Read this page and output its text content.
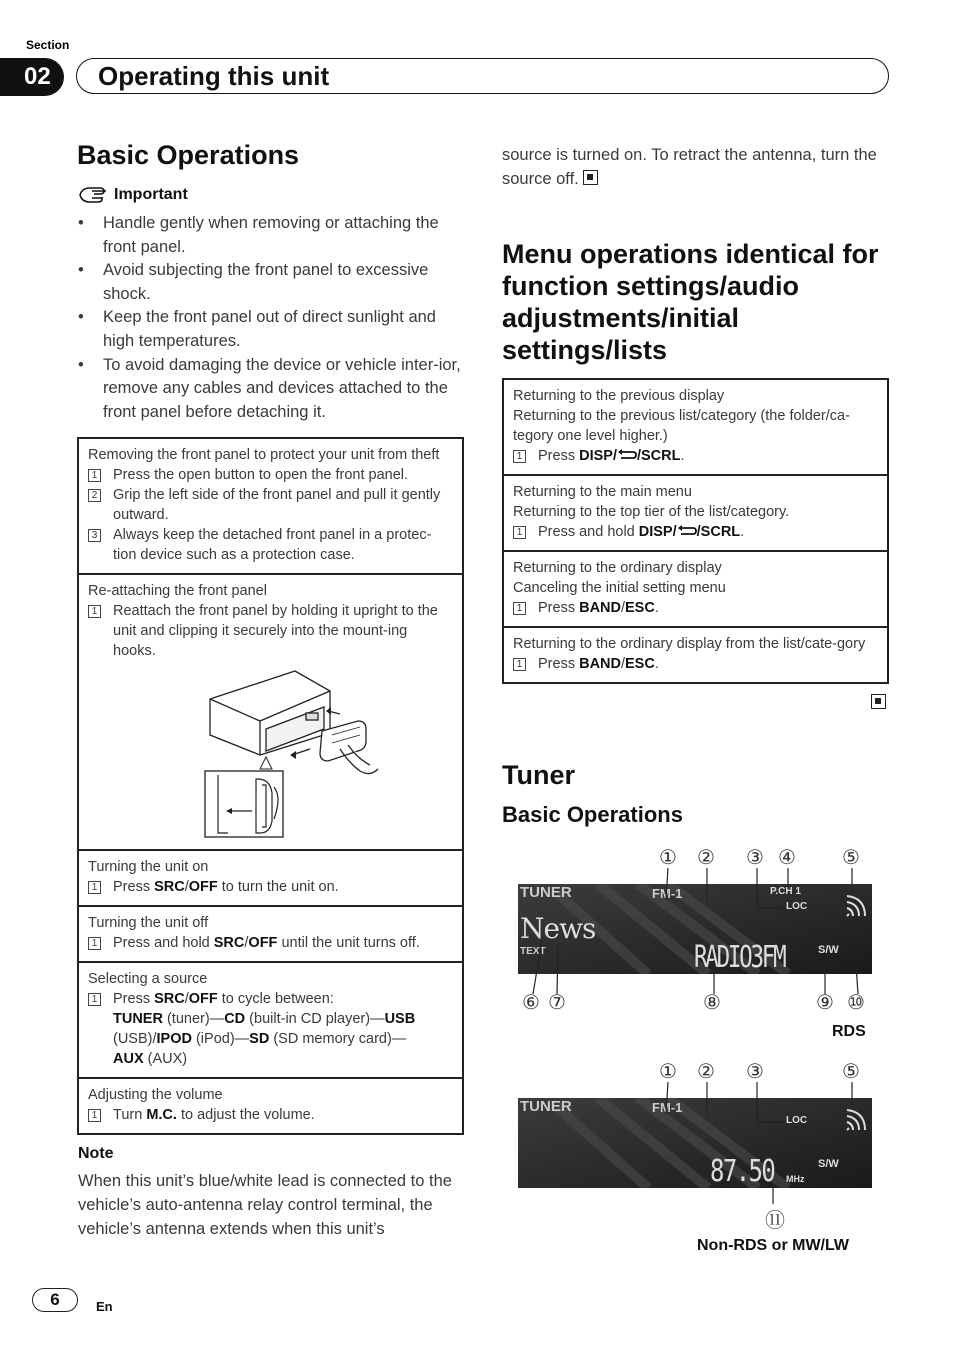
Section
02	Operating this unit
Basic Operations
Important
• Handle gently when removing or attaching the front panel.
• Avoid subjecting the front panel to excessive shock.
• Keep the front panel out of direct sunlight and high temperatures.
• To avoid damaging the device or vehicle inter-ior, remove any cables and devices attached to the front panel before detaching it.
Removing the front panel to protect your unit from theft
1 Press the open button to open the front panel.
2 Grip the left side of the front panel and pull it gently outward.
3 Always keep the detached front panel in a protec-tion device such as a protection case.

Re-attaching the front panel
1 Reattach the front panel by holding it upright to the unit and clipping it securely into the mount-ing hooks.

Turning the unit on
1 Press SRC/OFF to turn the unit on.

Turning the unit off
1 Press and hold SRC/OFF until the unit turns off.

Selecting a source
1 Press SRC/OFF to cycle between:
TUNER (tuner)—CD (built-in CD player)—USB
(USB)/IPOD (iPod)—SD (SD memory card)—
AUX (AUX)

Adjusting the volume
1 Turn M.C. to adjust the volume.
Note
When this unit’s blue/white lead is connected to the vehicle’s auto-antenna relay control terminal, the vehicle’s antenna extends when this unit’s
source is turned on. To retract the antenna, turn the source off.
Menu operations identical for function settings/audio adjustments/initial settings/lists
Returning to the previous display
Returning to the previous list/category (the folder/ca-tegory one level higher.)
1 Press DISP/ /SCRL.

Returning to the main menu
Returning to the top tier of the list/category.
1 Press and hold DISP/ /SCRL.

Returning to the ordinary display
Canceling the initial setting menu
1 Press BAND/ESC.

Returning to the ordinary display from the list/cate-gory
1 Press BAND/ESC.
Tuner
Basic Operations
① ② ③ ④ ⑤
TUNER	FM-1	P.CH 1
LOC
News
TEXT	RADIO3FM	S/W
⑥ ⑦	⑧	⑨ ⑩
RDS
① ② ③	⑤
TUNER	FM-1
LOC
87.50 MHz
S/W
⑪
Non-RDS or MW/LW
6	En
